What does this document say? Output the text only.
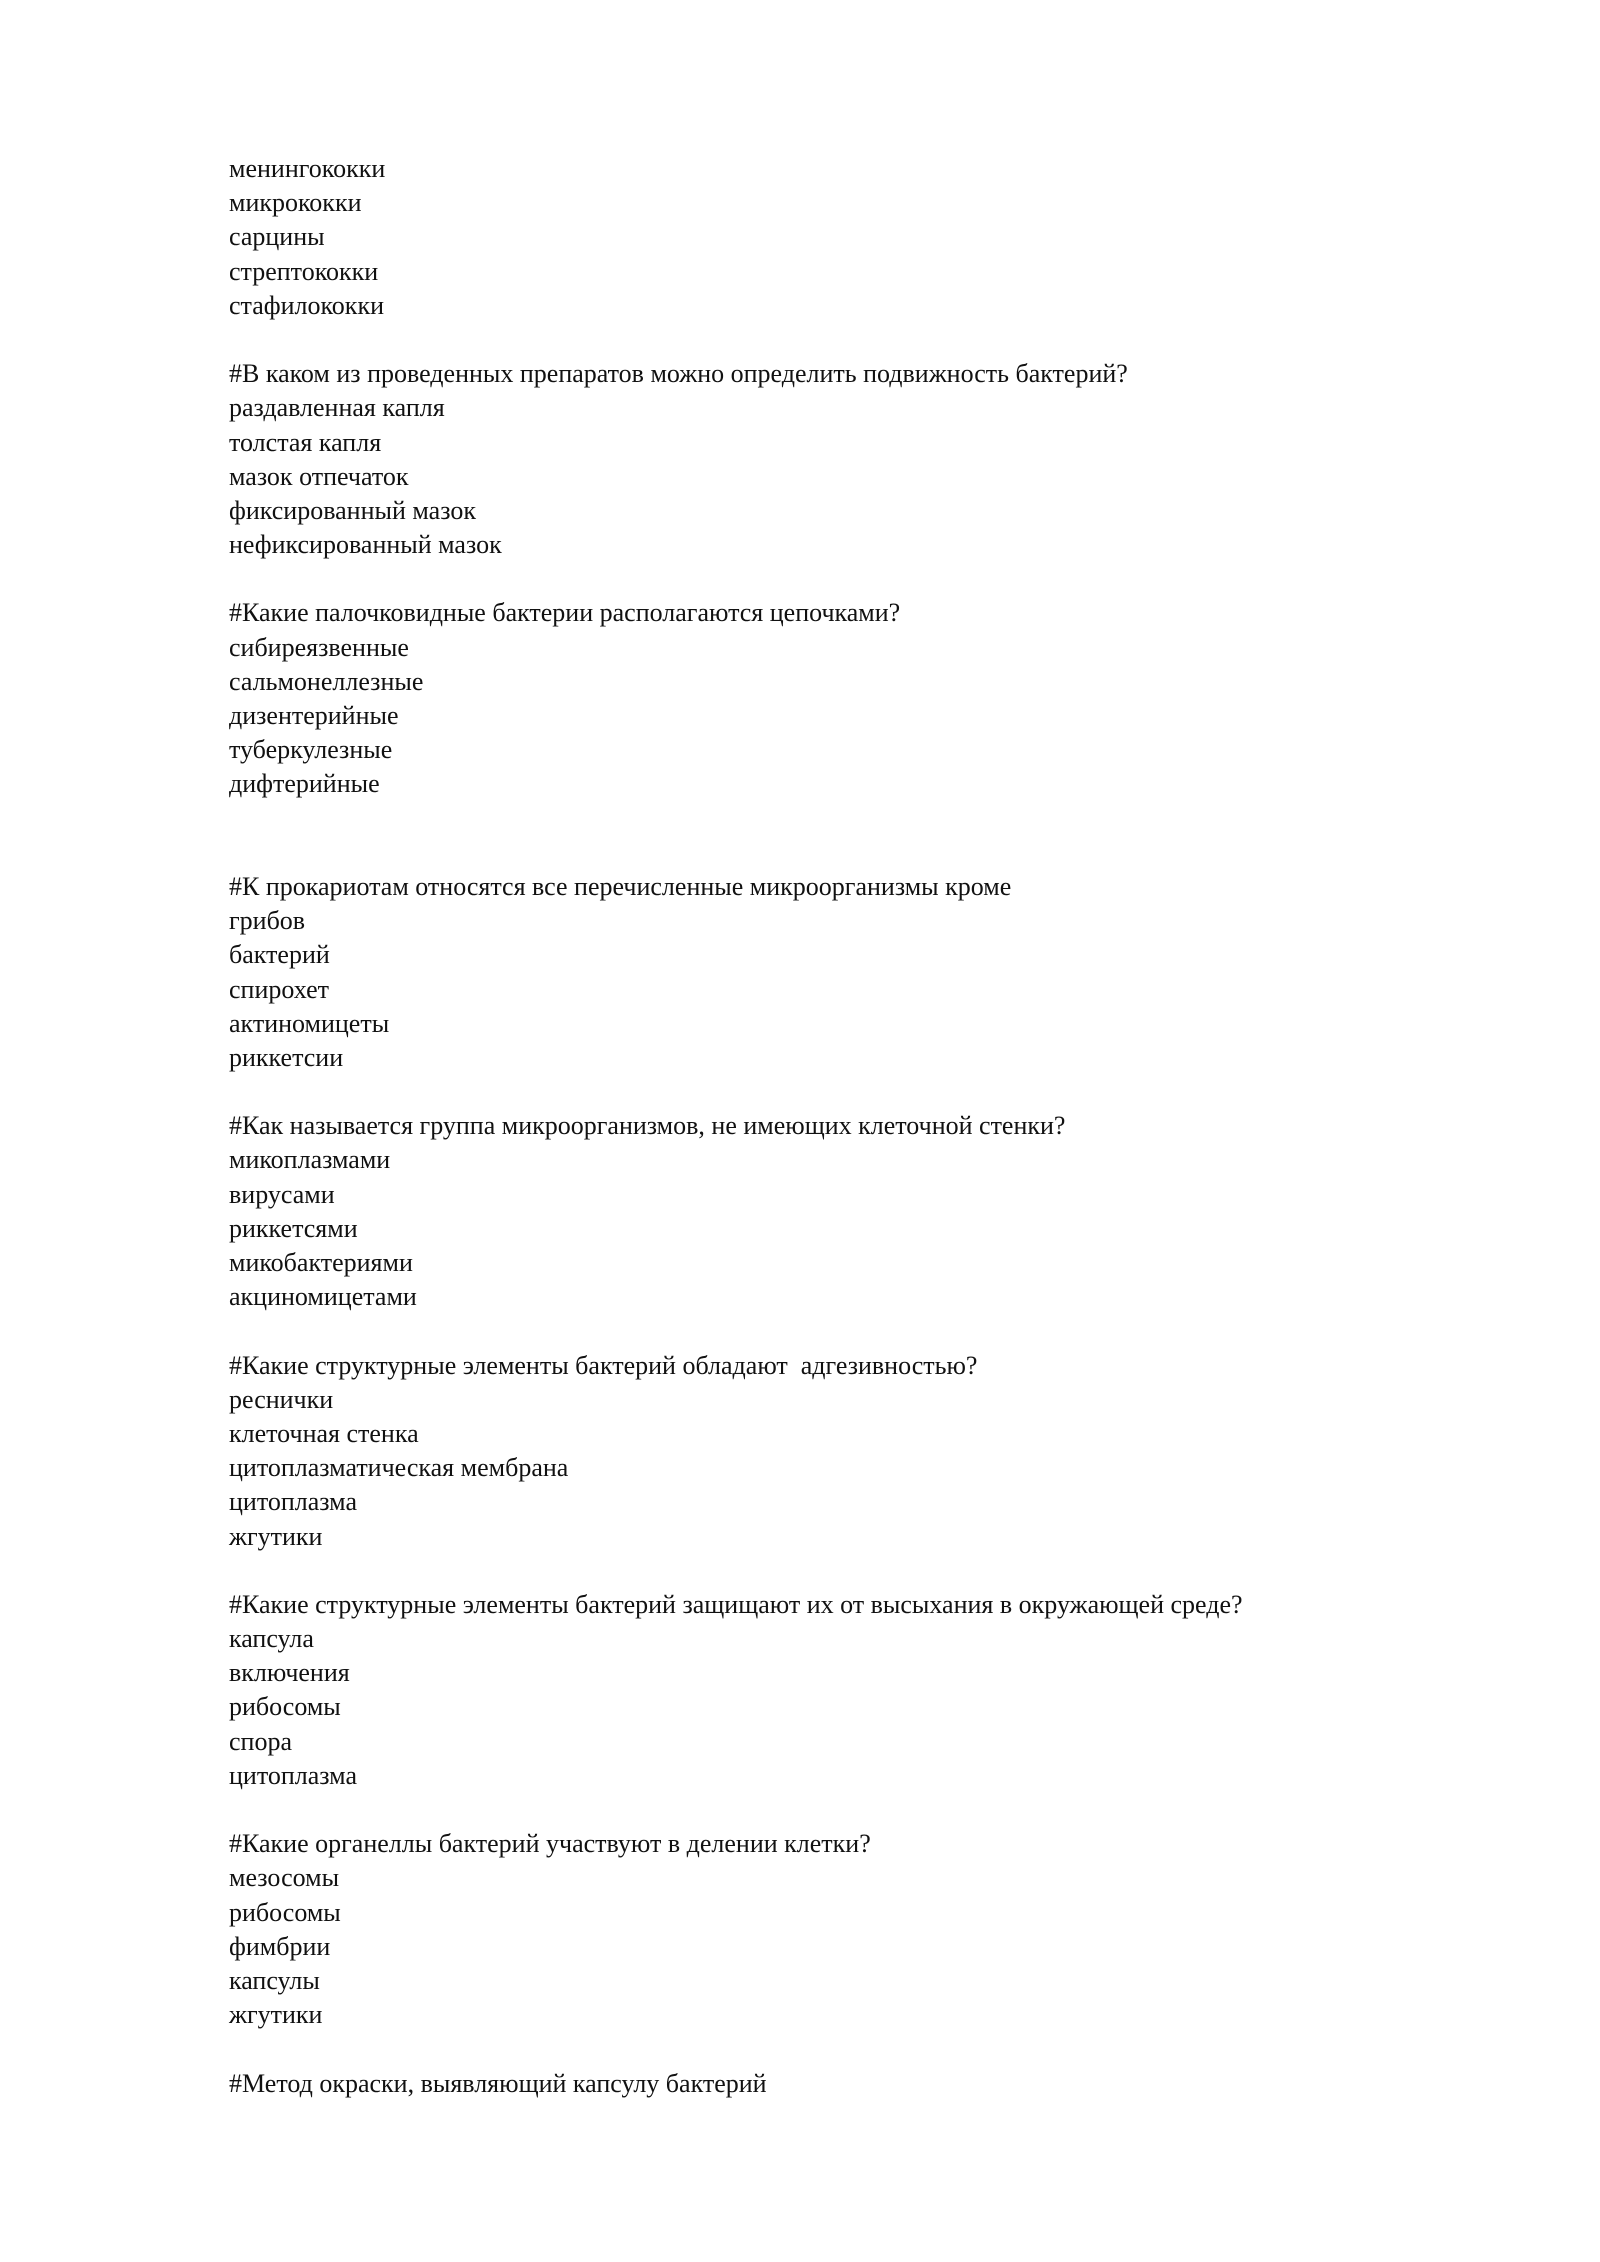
менингококки
микрококки
сарцины
стрептококки
стафилококки
#В каком из проведенных препаратов можно определить подвижность бактерий?
раздавленная капля
толстая капля
мазок отпечаток
фиксированный мазок
нефиксированный мазок
#Какие палочковидные бактерии располагаются цепочками?
сибиреязвенные
сальмонеллезные
дизентерийные
туберкулезные
дифтерийные
#К прокариотам относятся все перечисленные микроорганизмы кроме
грибов
бактерий
спирохет
актиномицеты
риккетсии
#Как называется группа микроорганизмов, не имеющих клеточной стенки?
микоплазмами
вирусами
риккетсями
микобактериями
акциномицетами
#Какие структурные элементы бактерий обладают  адгезивностью?
реснички
клеточная стенка
цитоплазматическая мембрана
цитоплазма
жгутики
#Какие структурные элементы бактерий защищают их от высыхания в окружающей среде?
капсула
включения
рибосомы
спора
цитоплазма
#Какие органеллы бактерий участвуют в делении клетки?
мезосомы
рибосомы
фимбрии
капсулы
жгутики
#Метод окраски, выявляющий капсулу бактерий
